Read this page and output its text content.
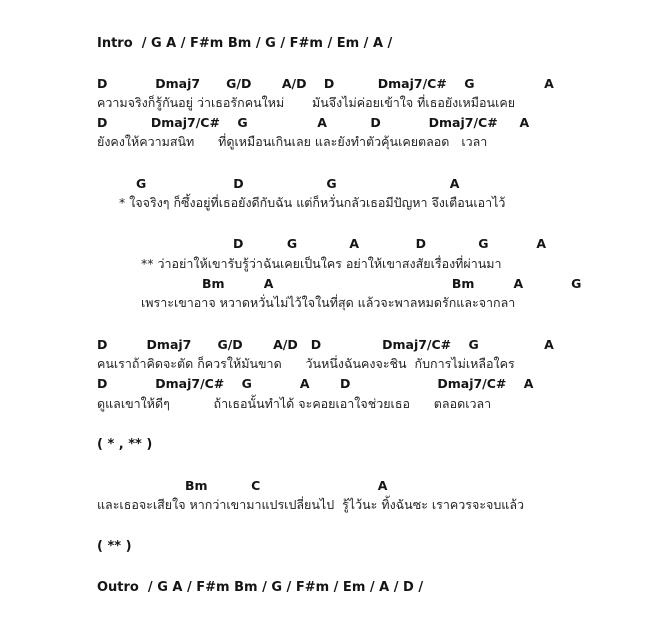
Intro  / G A / F#m Bm / G / F#m / Em / A /
D           Dmaj7      G/D       A/D    D          Dmaj7/C#    G                A
ความจริงก็รู้กันอยู่ ว่าเธอรักคนใหม่       มันจึงไม่ค่อยเข้าใจ ที่เธอยังเหมือนเคย
D          Dmaj7/C#    G                A          D           Dmaj7/C#     A
ยังคงให้ความสนิท      ที่ดูเหมือนเกินเลย และยังทำตัวคุ้นเคยตลอด   เวลา
G                    D                   G                          A
* ใจจริงๆ ก็ซึ้งอยู่ที่เธอยังดีกับฉัน แต่ก็หวั่นกลัวเธอมีปัญหา จึงเตือนเอาไว้
D          G            A             D            G           A
** ว่าอย่าให้เขารับรู้ว่าฉันเคยเป็นใคร อย่าให้เขาสงสัยเรื่องที่ผ่านมา
Bm         A                                         Bm         A           G
เพราะเขาอาจ หวาดหวั่นไม่ไว้ใจในที่สุด แล้วจะพาลหมดรักและจากลา
D         Dmaj7      G/D       A/D   D              Dmaj7/C#    G               A
คนเราถ้าคิดจะตัด ก็ควรให้มันขาด      วันหนึ่งฉันคงจะชิน  กับการไม่เหลือใคร
D           Dmaj7/C#    G           A       D                    Dmaj7/C#    A
ดูแลเขาให้ดีๆ           ถ้าเธอนั้นทำได้ จะคอยเอาใจช่วยเธอ      ตลอดเวลา
( * , ** )
Bm          C                           A
และเธอจะเสียใจ หากว่าเขามาแปรเปลี่ยนไป  รู้ไว้นะ ทิ้งฉันซะ เราควรจะจบแล้ว
( ** )
Outro  / G A / F#m Bm / G / F#m / Em / A / D /
